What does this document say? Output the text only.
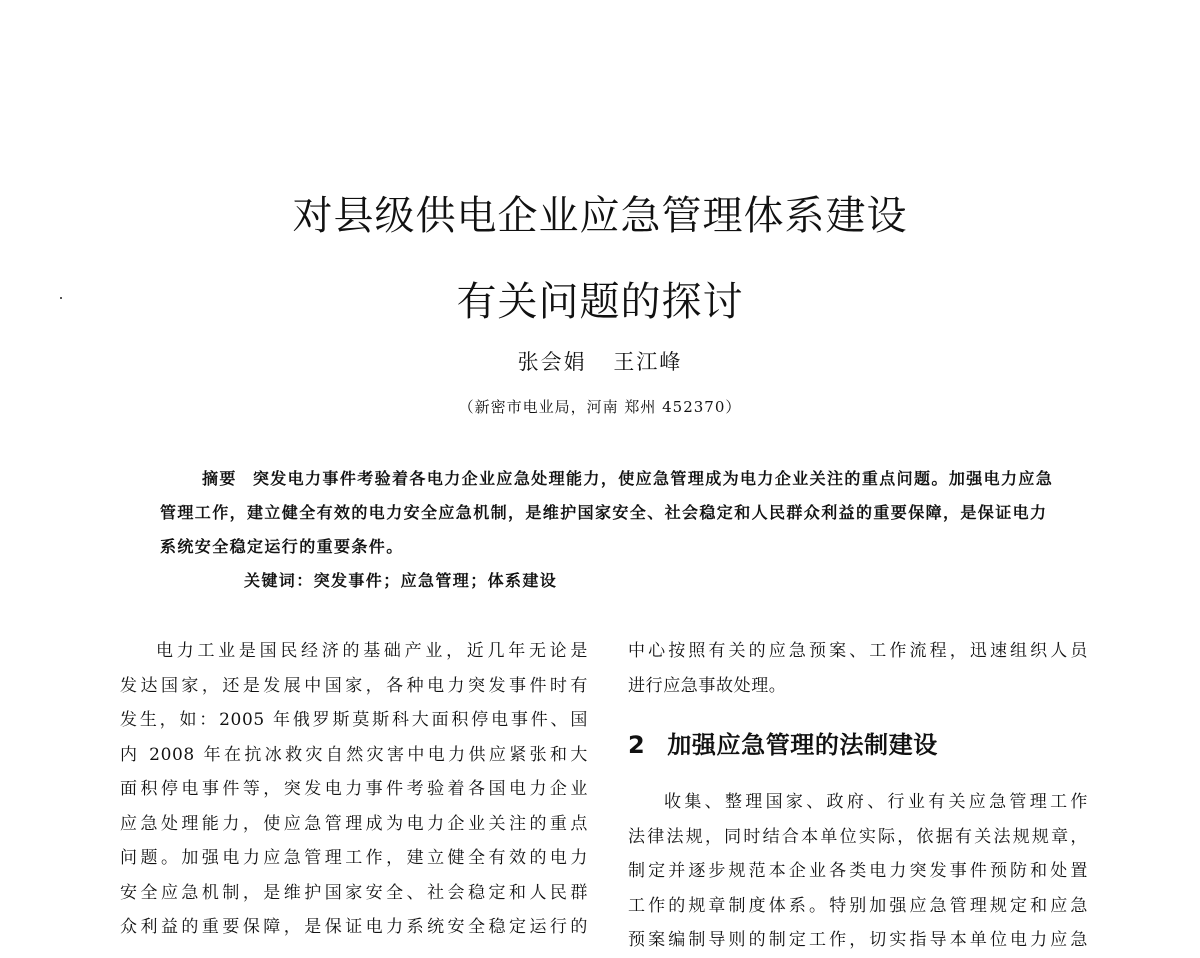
对县级供电企业应急管理体系建设
有关问题的探讨
张会娟 王江峰
（新密市电业局，河南 郑州 452370）

摘要 突发电力事件考验着各电力企业应急处理能力，使应急管理成为电力企业关注的重点问题。加强电力应急管理工作，建立健全有效的电力安全应急机制，是维护国家安全、社会稳定和人民群众利益的重要保障，是保证电力系统安全稳定运行的重要条件。

关键词：突发事件；应急管理；体系建设

电力工业是国民经济的基础产业，近几年无论是

发达国家，还是发展中国家，各种电力突发事件时有

发生，如：2005 年俄罗斯莫斯科大面积停电事件、国

内 2008 年在抗冰救灾自然灾害中电力供应紧张和大

面积停电事件等，突发电力事件考验着各国电力企业

应急处理能力，使应急管理成为电力企业关注的重点

问题。加强电力应急管理工作，建立健全有效的电力

安全应急机制，是维护国家安全、社会稳定和人民群

众利益的重要保障，是保证电力系统安全稳定运行的

中心按照有关的应急预案、工作流程，迅速组织人员

进行应急事故处理。

2 加强应急管理的法制建设

收集、整理国家、政府、行业有关应急管理工作

法律法规，同时结合本单位实际，依据有关法规规章，

制定并逐步规范本企业各类电力突发事件预防和处置

工作的规章制度体系。特别加强应急管理规定和应急

预案编制导则的制定工作，切实指导本单位电力应急
